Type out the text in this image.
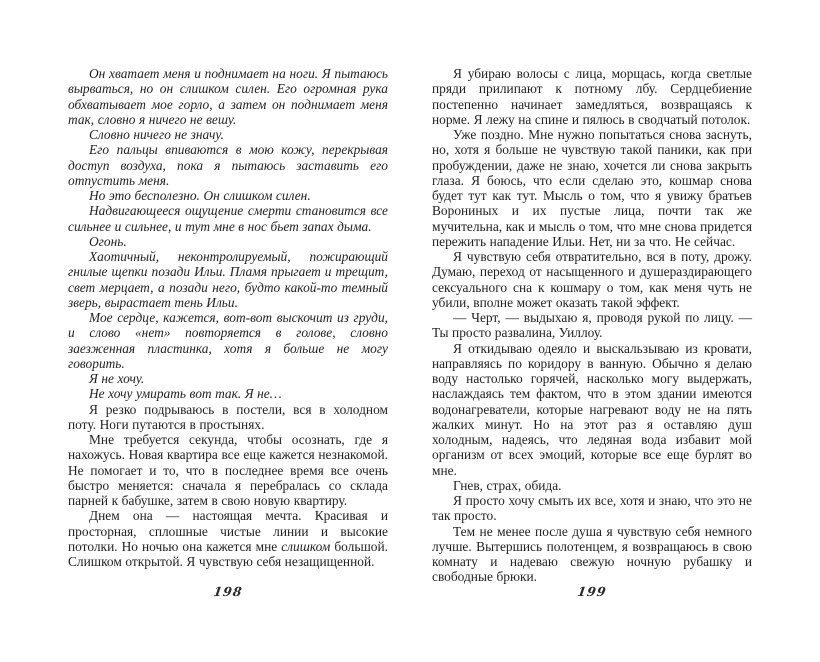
Он хватает меня и поднимает на ноги. Я пытаюсь вырваться, но он слишком силен. Его огромная рука обхватывает мое горло, а затем он поднимает меня так, словно я ничего не вешу.

Словно ничего не значу.

Его пальцы впиваются в мою кожу, перекрывая доступ воздуха, пока я пытаюсь заставить его отпустить меня.

Но это бесполезно. Он слишком силен.

Надвигающееся ощущение смерти становится все сильнее и сильнее, и тут мне в нос бьет запах дыма.

Огонь.

Хаотичный, неконтролируемый, пожирающий гнилые щепки позади Ильи. Пламя прыгает и трещит, свет мерцает, а позади него, будто какой-то темный зверь, вырастает тень Ильи.

Мое сердце, кажется, вот-вот выскочит из груди, и слово «нет» повторяется в голове, словно заезженная пластинка, хотя я больше не могу говорить.

Я не хочу.

Не хочу умирать вот так. Я не…

Я резко подрываюсь в постели, вся в холодном поту. Ноги путаются в простынях.

Мне требуется секунда, чтобы осознать, где я нахожусь. Новая квартира все еще кажется незнакомой. Не помогает и то, что в последнее время все очень быстро меняется: сначала я перебралась со склада парней к бабушке, затем в свою новую квартиру.

Днем она — настоящая мечта. Красивая и просторная, сплошные чистые линии и высокие потолки. Но ночью она кажется мне слишком большой. Слишком открытой. Я чувствую себя незащищенной.

Я убираю волосы с лица, морщась, когда светлые пряди прилипают к потному лбу. Сердцебиение постепенно начинает замедляться, возвращаясь к норме. Я лежу на спине и пялюсь в сводчатый потолок.

Уже поздно. Мне нужно попытаться снова заснуть, но, хотя я больше не чувствую такой паники, как при пробуждении, даже не знаю, хочется ли снова закрыть глаза. Я боюсь, что если сделаю это, кошмар снова будет тут как тут. Мысль о том, что я увижу братьев Ворониных и их пустые лица, почти так же мучительна, как и мысль о том, что мне снова придется пережить нападение Ильи. Нет, ни за что. Не сейчас.

Я чувствую себя отвратительно, вся в поту, дрожу. Думаю, переход от насыщенного и душераздирающего сексуального сна к кошмару о том, как меня чуть не убили, вполне может оказать такой эффект.

— Черт, — выдыхаю я, проводя рукой по лицу. — Ты просто развалина, Уиллоу.

Я откидываю одеяло и выскальзываю из кровати, направляясь по коридору в ванную. Обычно я делаю воду настолько горячей, насколько могу выдержать, наслаждаясь тем фактом, что в этом здании имеются водонагреватели, которые нагревают воду не на пять жалких минут. Но на этот раз я оставляю душ холодным, надеясь, что ледяная вода избавит мой организм от всех эмоций, которые все еще бурлят во мне.

Гнев, страх, обида.

Я просто хочу смыть их все, хотя и знаю, что это не так просто.

Тем не менее после душа я чувствую себя немного лучше. Вытершись полотенцем, я возвращаюсь в свою комнату и надеваю свежую ночную рубашку и свободные брюки.

198	199
